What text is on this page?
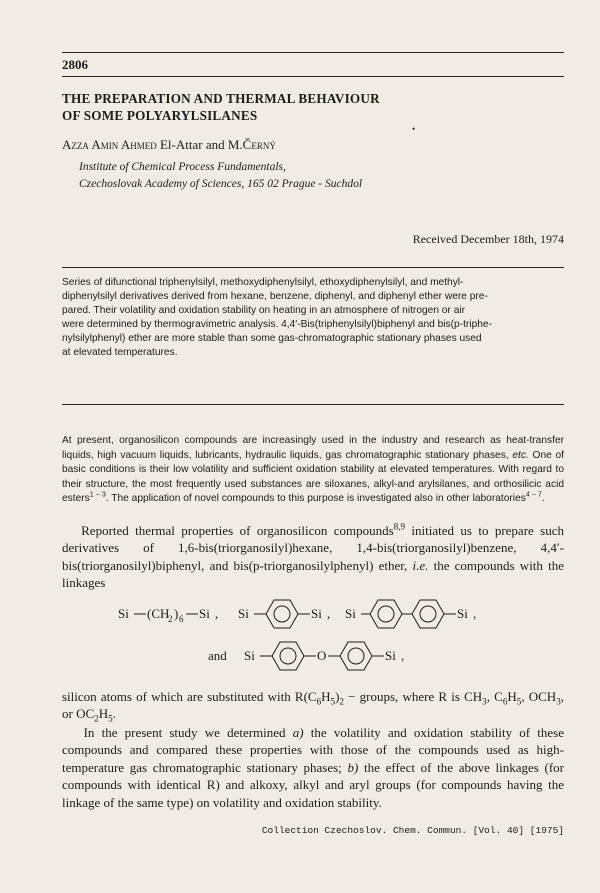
2806
THE PREPARATION AND THERMAL BEHAVIOUR
OF SOME POLYARYLSILANES
•
Azza Amin Ahmed El-Attar and M.Černý
Institute of Chemical Process Fundamentals,
Czechoslovak Academy of Sciences, 165 02 Prague - Suchdol
Received December 18th, 1974
Series of difunctional triphenylsilyl, methoxydiphenylsilyl, ethoxydiphenylsilyl, and methyl-
diphenylsilyl derivatives derived from hexane, benzene, diphenyl, and diphenyl ether were pre-
pared. Their volatility and oxidation stability on heating in an atmosphere of nitrogen or air
were determined by thermogravimetric analysis. 4,4′-Bis(triphenylsilyl)biphenyl and bis(p-triphe-
nylsilylphenyl) ether are more stable than some gas-chromatographic stationary phases used
at elevated temperatures.
At present, organosilicon compounds are increasingly used in the industry and research as heat-transfer liquids, high vacuum liquids, lubricants, hydraulic liquids, gas chromatographic stationary phases, etc. One of basic conditions is their low volatility and sufficient oxidation stability at elevated temperatures. With regard to their structure, the most frequently used substances are siloxanes, alkyl-and arylsilanes, and orthosilicic acid esters$^{1 - 3}$. The application of novel compounds to this purpose is investigated also in other laboratories$^{4 - 7}$.
Reported thermal properties of organosilicon compounds$^{8,9}$ initiated us to prepare such derivatives of 1,6-bis(triorganosilyl)hexane, 1,4-bis(triorganosilyl)benzene, 4,4′-bis(triorganosilyl)biphenyl, and bis(p-triorganosilylphenyl) ether, i.e. the compounds with the linkages
Si (CH
2 ) 6 Si , Si	Si , Si	Si ,
and Si	O	Si ,
silicon atoms of which are substituted with $R(C_6H_5)_2$ − groups, where R is $CH_3$, $C_6H_5$, $OCH_3$, or $OC_2H_5$.
In the present study we determined a) the volatility and oxidation stability of these compounds and compared these properties with those of the compounds used as high-temperature gas chromatographic stationary phases; b) the effect of the above linkages (for compounds with identical R) and alkoxy, alkyl and aryl groups (for compounds having the linkage of the same type) on volatility and oxidation stability.
Collection Czechoslov. Chem. Commun. [Vol. 40] [1975]
